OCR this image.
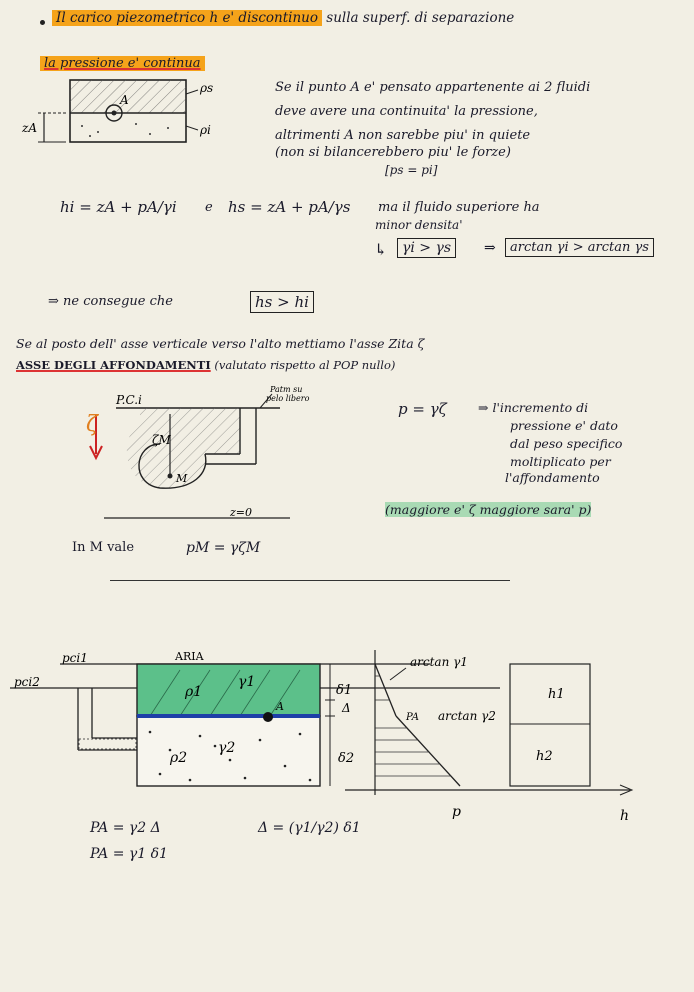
Il carico piezometrico h e' discontinuo sulla superf. di separazione
la pressione e' continua
ρs
ρi
A
zA
Se il punto A e' pensato appartenente ai 2 fluidi
deve avere una continuita' la pressione,
altrimenti A non sarebbe piu' in quiete
(non si bilancerebbero piu' le forze)
[ps = pi]
hi = zA + pA/γi e hs = zA + pA/γs ma il fluido superiore ha
minor densita'
↳	γi > γs	⇒	arctan γi > arctan γs
⇒ ne consegue che	hs > hi
Se al posto dell' asse verticale verso l'alto mettiamo l'asse Zita ζ
ASSE DEGLI AFFONDAMENTI (valutato rispetto al POP nullo)
P.C.i
Patm su
pelo libero
ζM
M
z=0
ζ
p = γζ ⇒ l'incremento di
pressione e' dato
dal peso specifico
moltiplicato per
l'affondamento
(maggiore e' ζ maggiore sara' p)
In M vale	pM = γζM
pci1
pci2
ARIA
ρ1
γ1
A
ρ2
γ2
δ1
Δ
δ2
arctan γ1
PA arctan γ2
p
h1
h2
h
PA = γ2 Δ
PA = γ1 δ1
Δ = (γ1/γ2) δ1
